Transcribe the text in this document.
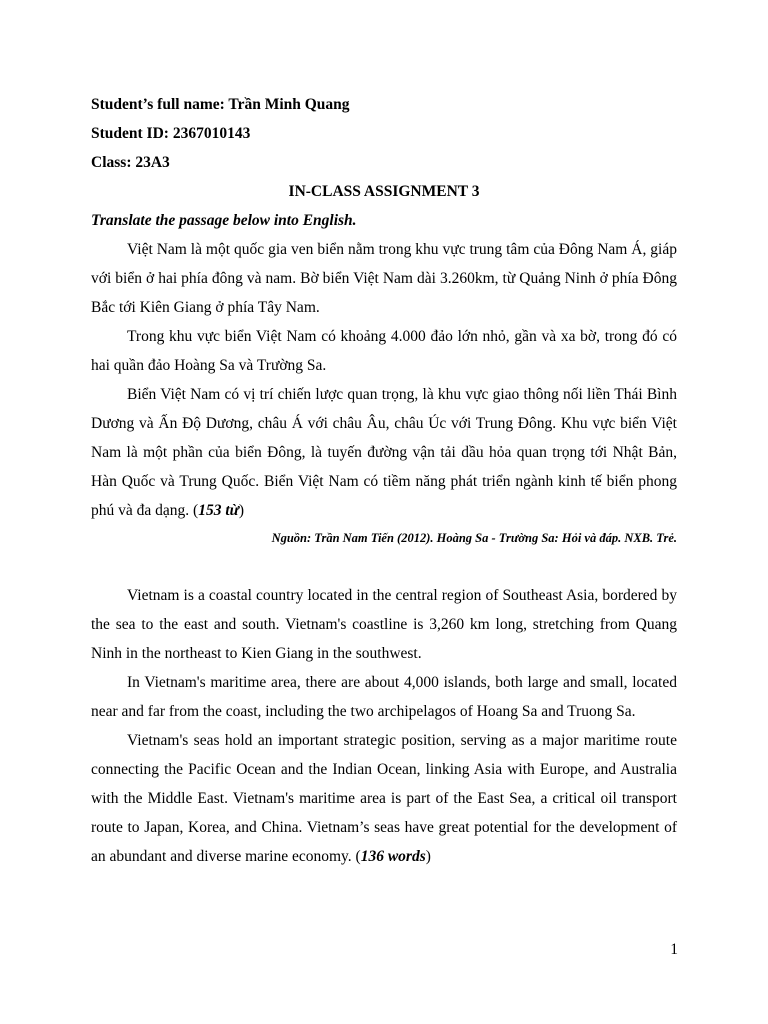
Student’s full name: Trần Minh Quang

Student ID: 2367010143

Class: 23A3

IN-CLASS ASSIGNMENT 3

Translate the passage below into English.

Việt Nam là một quốc gia ven biển nằm trong khu vực trung tâm của Đông Nam Á, giáp với biển ở hai phía đông và nam. Bờ biển Việt Nam dài 3.260km, từ Quảng Ninh ở phía Đông Bắc tới Kiên Giang ở phía Tây Nam.

Trong khu vực biển Việt Nam có khoảng 4.000 đảo lớn nhỏ, gần và xa bờ, trong đó có hai quần đảo Hoàng Sa và Trường Sa.

Biển Việt Nam có vị trí chiến lược quan trọng, là khu vực giao thông nối liền Thái Bình Dương và Ấn Độ Dương, châu Á với châu Âu, châu Úc với Trung Đông. Khu vực biển Việt Nam là một phần của biển Đông, là tuyến đường vận tải dầu hỏa quan trọng tới Nhật Bản, Hàn Quốc và Trung Quốc. Biển Việt Nam có tiềm năng phát triển ngành kinh tế biển phong phú và đa dạng. (153 từ)

Nguồn: Trần Nam Tiến (2012). Hoàng Sa - Trường Sa: Hỏi và đáp. NXB. Trẻ.

Vietnam is a coastal country located in the central region of Southeast Asia, bordered by the sea to the east and south. Vietnam's coastline is 3,260 km long, stretching from Quang Ninh in the northeast to Kien Giang in the southwest.

In Vietnam's maritime area, there are about 4,000 islands, both large and small, located near and far from the coast, including the two archipelagos of Hoang Sa and Truong Sa.

Vietnam's seas hold an important strategic position, serving as a major maritime route connecting the Pacific Ocean and the Indian Ocean, linking Asia with Europe, and Australia with the Middle East. Vietnam's maritime area is part of the East Sea, a critical oil transport route to Japan, Korea, and China. Vietnam’s seas have great potential for the development of an abundant and diverse marine economy. (136 words)

1
